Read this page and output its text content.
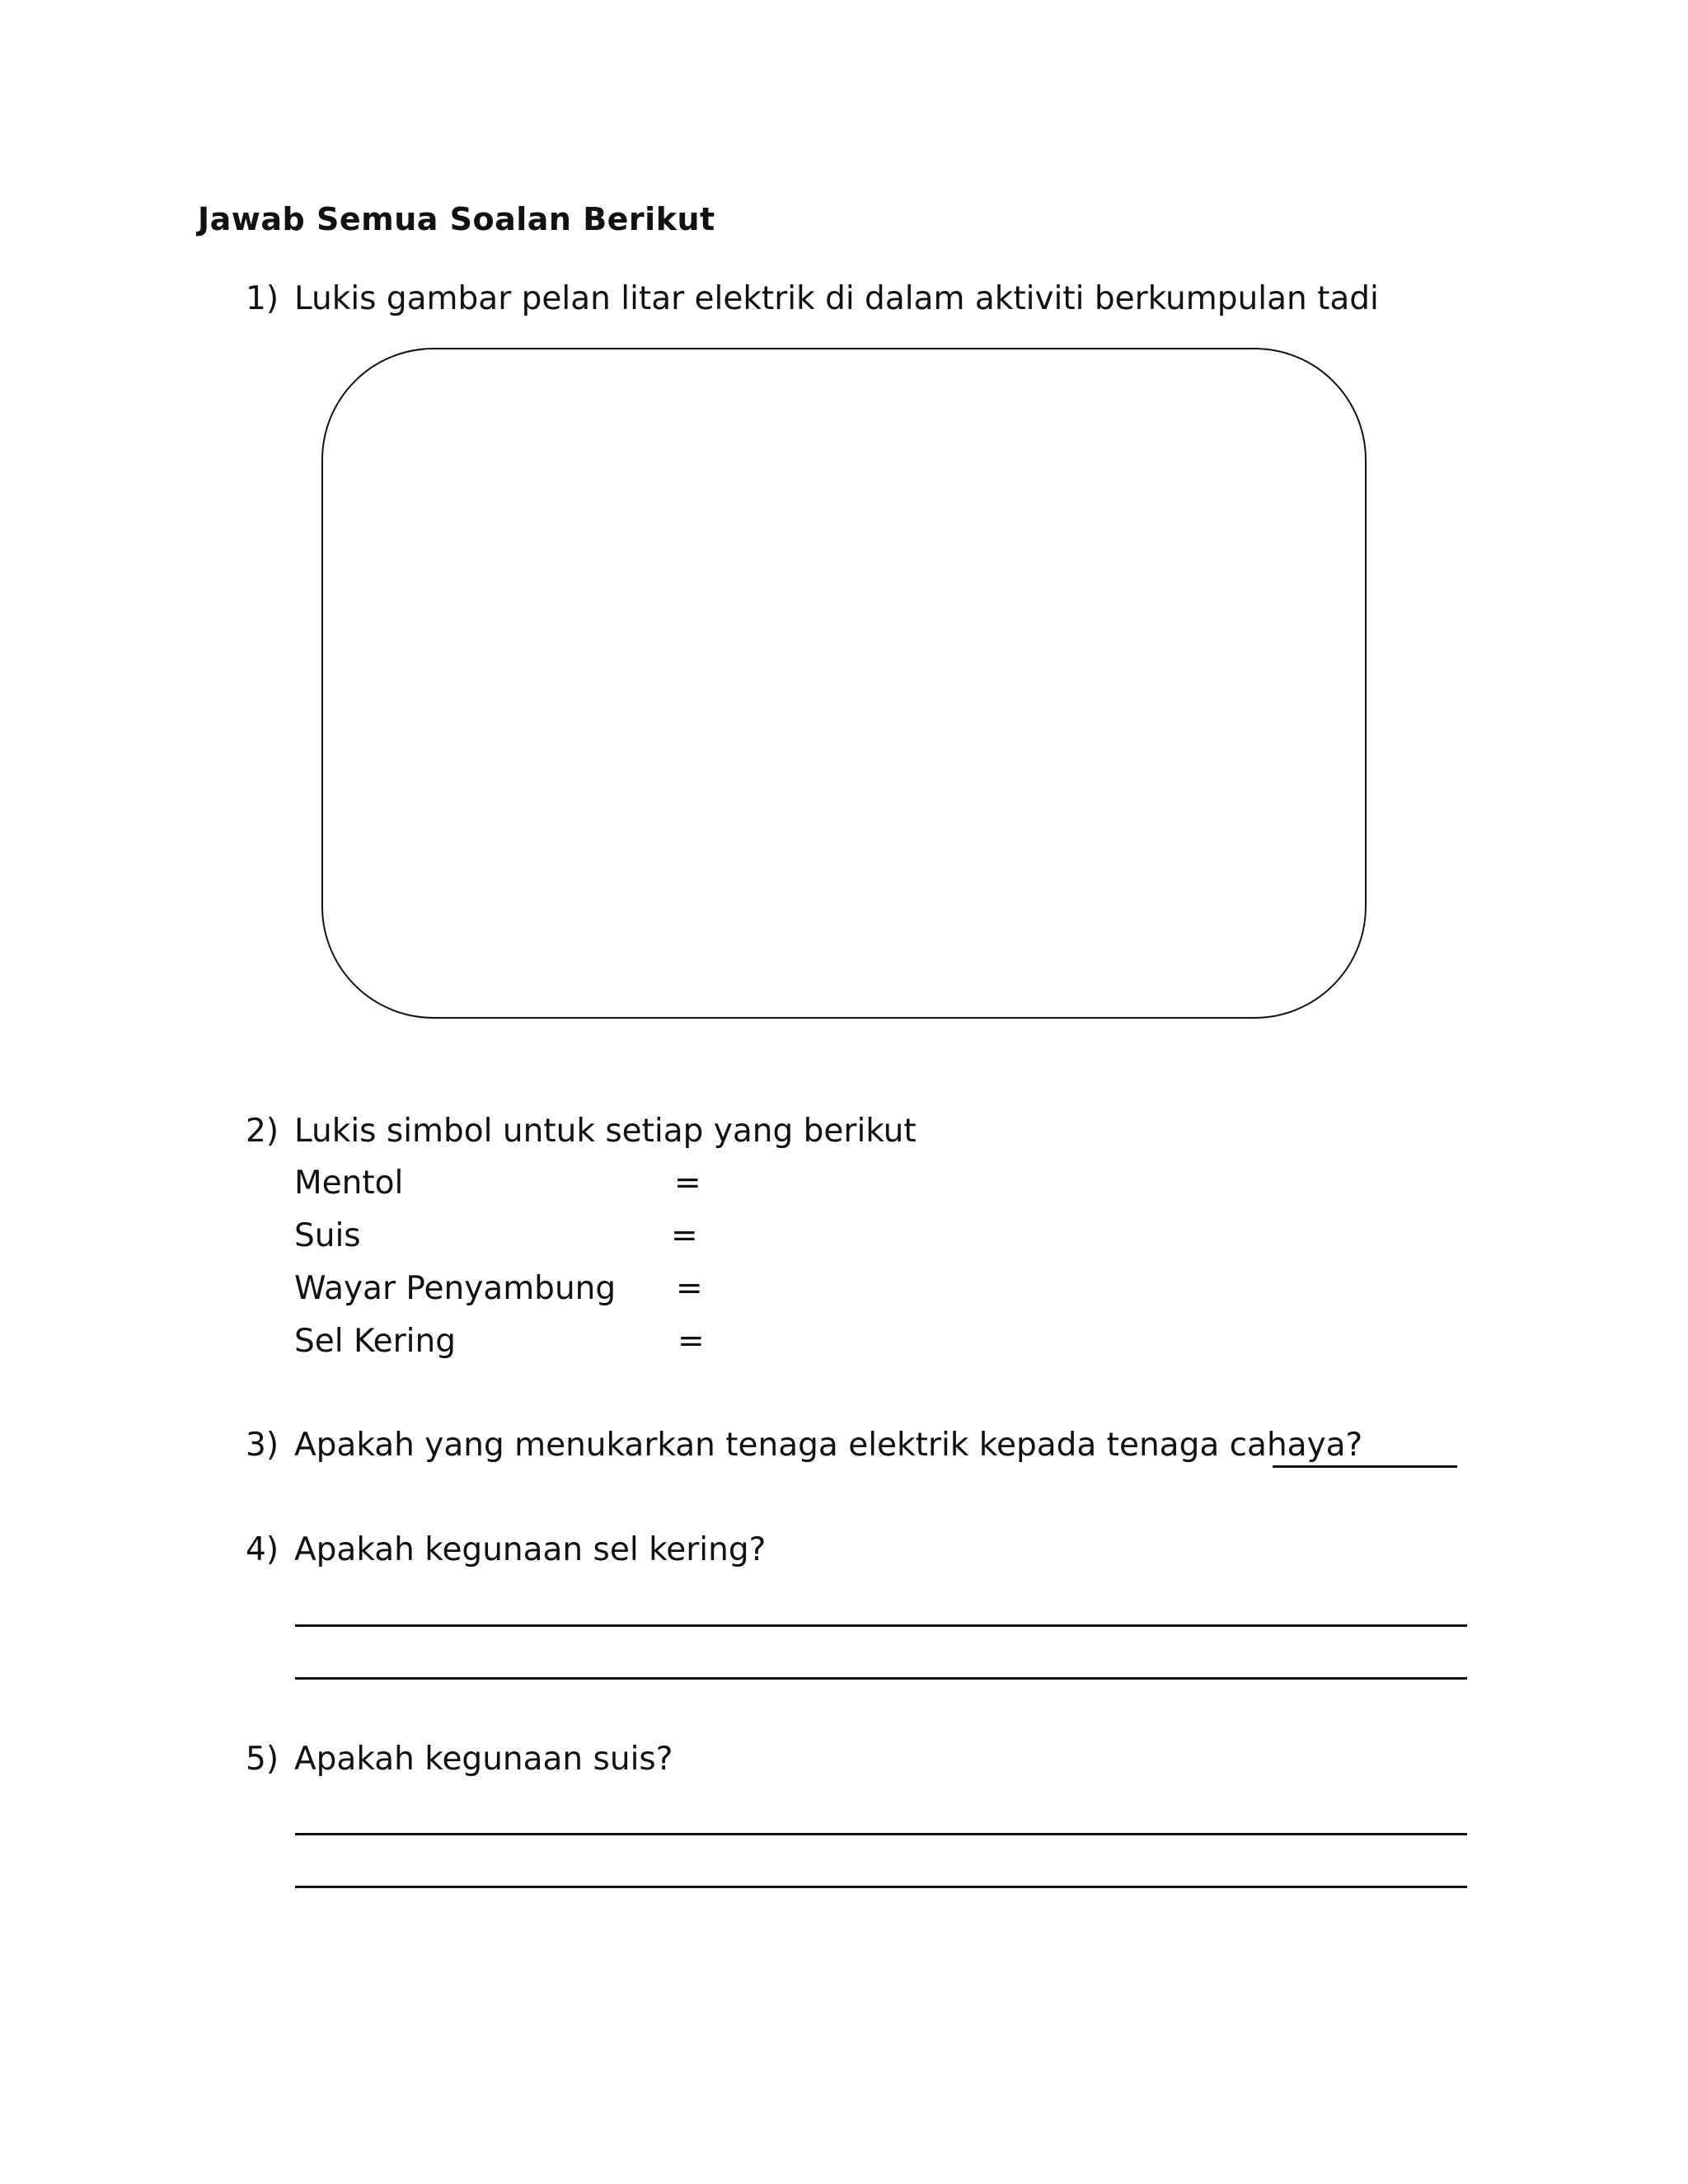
Jawab Semua Soalan Berikut
1) Lukis gambar pelan litar elektrik di dalam aktiviti berkumpulan tadi
2) Lukis simbol untuk setiap yang berikut
Mentol	=
Suis	=
Wayar Penyambung =
Sel Kering	=
3) Apakah yang menukarkan tenaga elektrik kepada tenaga cahaya?
4) Apakah kegunaan sel kering?
5) Apakah kegunaan suis?
